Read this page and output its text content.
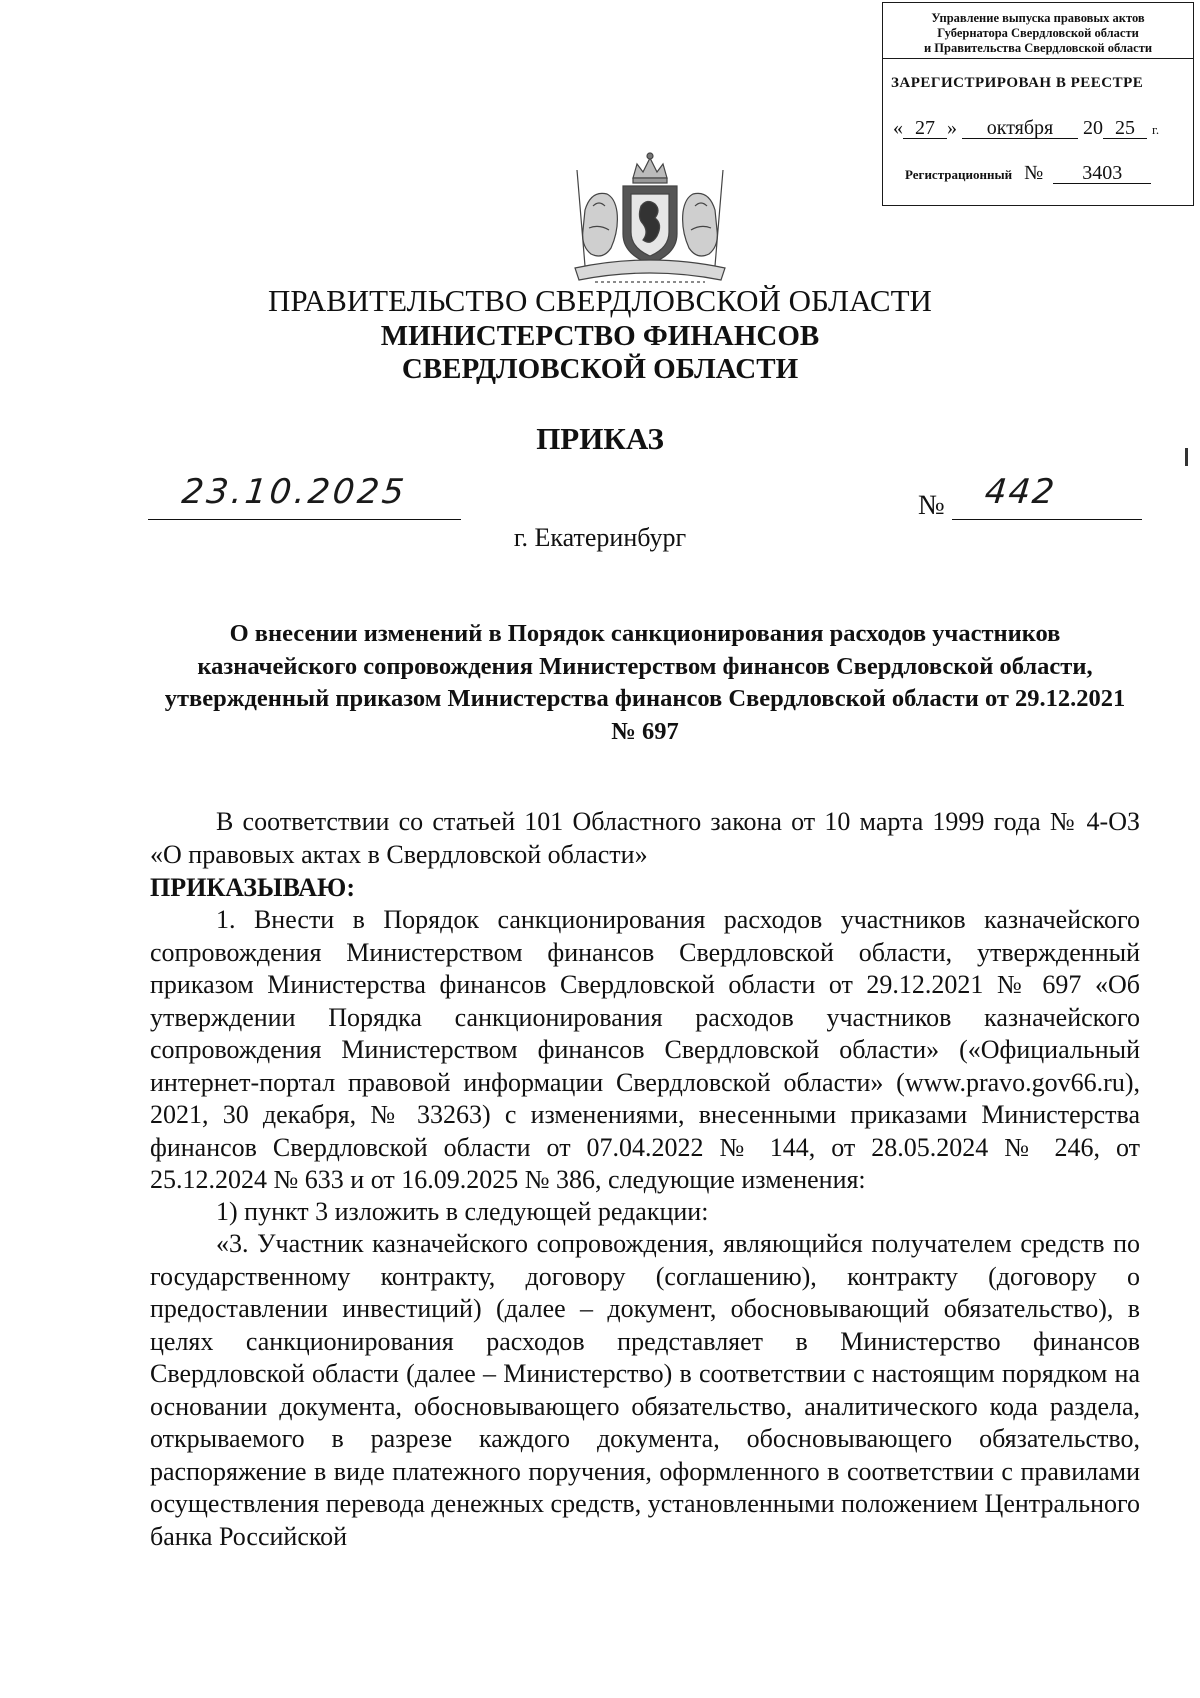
Управление выпуска правовых актов
Губернатора Свердловской области
и Правительства Свердловской области
ЗАРЕГИСТРИРОВАН В РЕЕСТРЕ
« 27 » октября 20 25 г.
Регистрационный № 3403
ПРАВИТЕЛЬСТВО СВЕРДЛОВСКОЙ ОБЛАСТИ
МИНИСТЕРСТВО ФИНАНСОВ
СВЕРДЛОВСКОЙ ОБЛАСТИ
ПРИКАЗ
23.10.2025	№ 442
г. Екатеринбург
О внесении изменений в Порядок санкционирования расходов участников казначейского сопровождения Министерством финансов Свердловской области, утвержденный приказом Министерства финансов Свердловской области от 29.12.2021 № 697
В соответствии со статьей 101 Областного закона от 10 марта 1999 года № 4-ОЗ «О правовых актах в Свердловской области»
ПРИКАЗЫВАЮ:
1. Внести в Порядок санкционирования расходов участников казначейского сопровождения Министерством финансов Свердловской области, утвержденный приказом Министерства финансов Свердловской области от 29.12.2021 № 697 «Об утверждении Порядка санкционирования расходов участников казначейского сопровождения Министерством финансов Свердловской области» («Официальный интернет-портал правовой информации Свердловской области» (www.pravo.gov66.ru), 2021, 30 декабря, № 33263) с изменениями, внесенными приказами Министерства финансов Свердловской области от 07.04.2022 № 144, от 28.05.2024 № 246, от 25.12.2024 № 633 и от 16.09.2025 № 386, следующие изменения:
1) пункт 3 изложить в следующей редакции:
«3. Участник казначейского сопровождения, являющийся получателем средств по государственному контракту, договору (соглашению), контракту (договору о предоставлении инвестиций) (далее – документ, обосновывающий обязательство), в целях санкционирования расходов представляет в Министерство финансов Свердловской области (далее – Министерство) в соответствии с настоящим порядком на основании документа, обосновывающего обязательство, аналитического кода раздела, открываемого в разрезе каждого документа, обосновывающего обязательство, распоряжение в виде платежного поручения, оформленного в соответствии с правилами осуществления перевода денежных средств, установленными положением Центрального банка Российской
